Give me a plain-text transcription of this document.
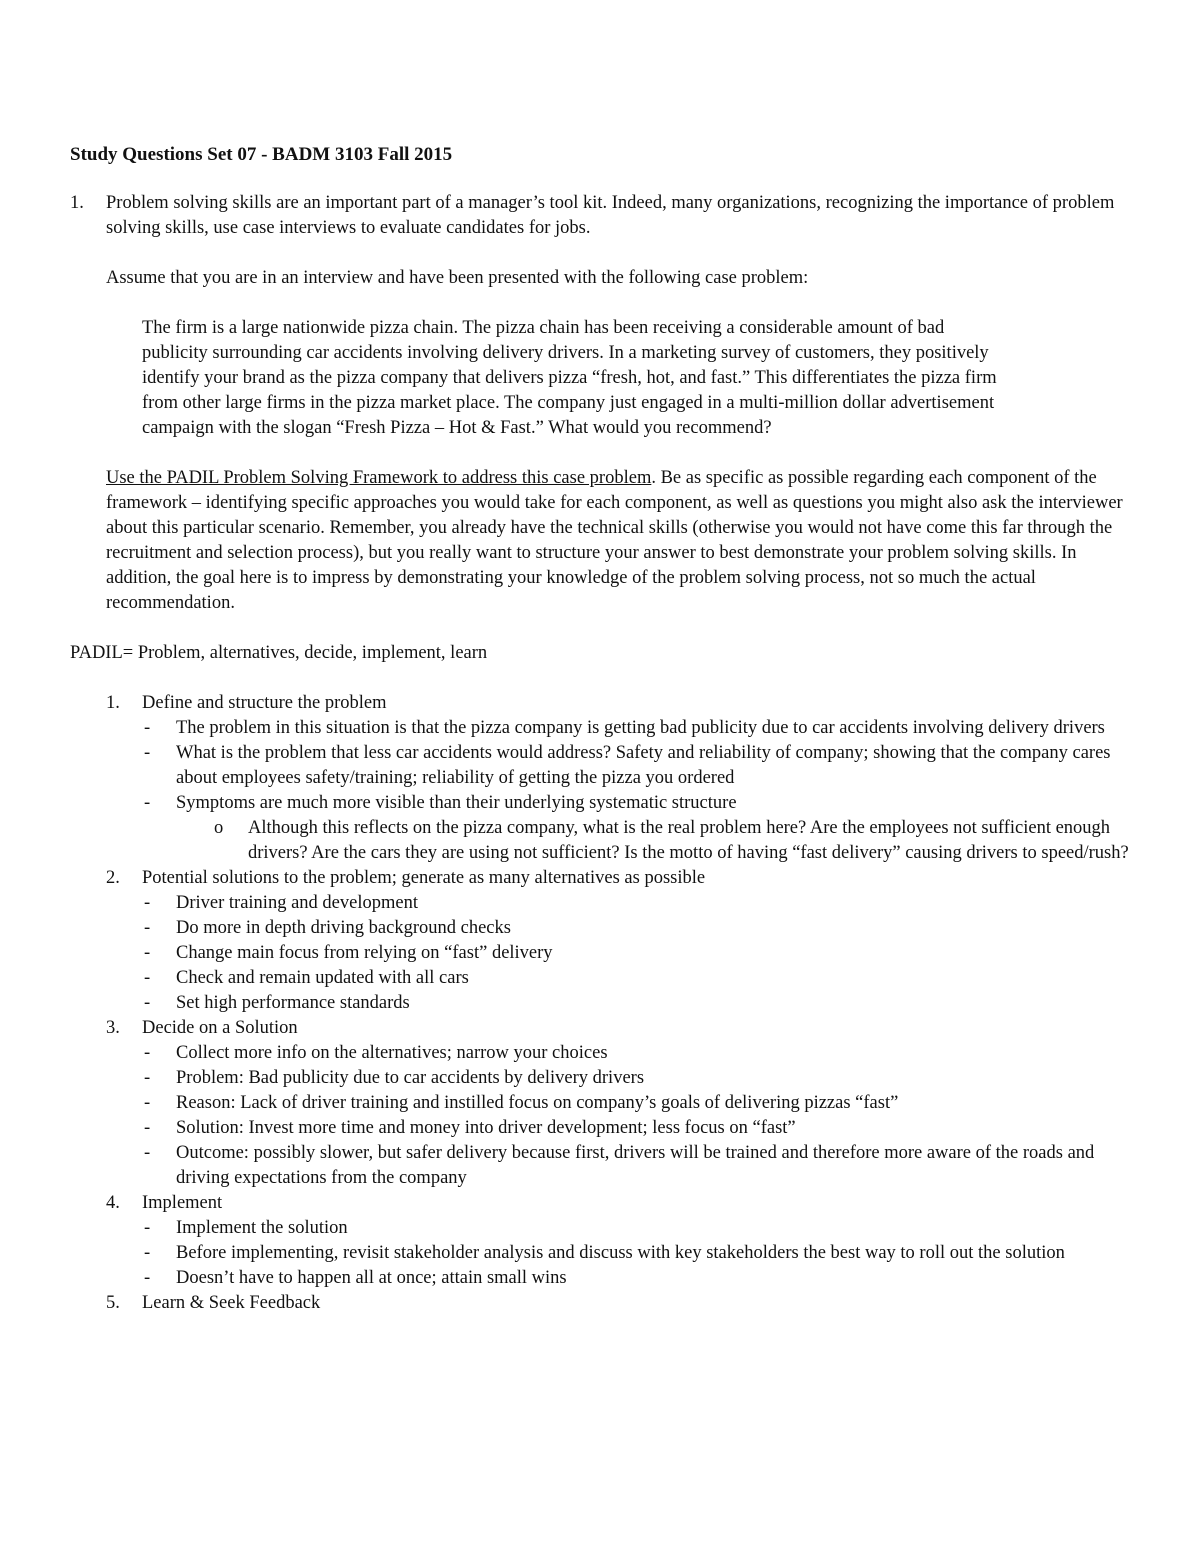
Study Questions Set 07 - BADM 3103 Fall 2015
1. Problem solving skills are an important part of a manager’s tool kit. Indeed, many organizations, recognizing the importance of problem solving skills, use case interviews to evaluate candidates for jobs.

Assume that you are in an interview and have been presented with the following case problem:

The firm is a large nationwide pizza chain. The pizza chain has been receiving a considerable amount of bad publicity surrounding car accidents involving delivery drivers. In a marketing survey of customers, they positively identify your brand as the pizza company that delivers pizza “fresh, hot, and fast.” This differentiates the pizza firm from other large firms in the pizza market place. The company just engaged in a multi-million dollar advertisement campaign with the slogan “Fresh Pizza – Hot & Fast.” What would you recommend?

Use the PADIL Problem Solving Framework to address this case problem. Be as specific as possible regarding each component of the framework – identifying specific approaches you would take for each component, as well as questions you might also ask the interviewer about this particular scenario. Remember, you already have the technical skills (otherwise you would not have come this far through the recruitment and selection process), but you really want to structure your answer to best demonstrate your problem solving skills. In addition, the goal here is to impress by demonstrating your knowledge of the problem solving process, not so much the actual recommendation.

PADIL= Problem, alternatives, decide, implement, learn

1. Define and structure the problem
- The problem in this situation is that the pizza company is getting bad publicity due to car accidents involving delivery drivers
- What is the problem that less car accidents would address? Safety and reliability of company; showing that the company cares about employees safety/training; reliability of getting the pizza you ordered
- Symptoms are much more visible than their underlying systematic structure
o Although this reflects on the pizza company, what is the real problem here? Are the employees not sufficient enough drivers? Are the cars they are using not sufficient? Is the motto of having “fast delivery” causing drivers to speed/rush?
2. Potential solutions to the problem; generate as many alternatives as possible
- Driver training and development
- Do more in depth driving background checks
- Change main focus from relying on “fast” delivery
- Check and remain updated with all cars
- Set high performance standards
3. Decide on a Solution
- Collect more info on the alternatives; narrow your choices
- Problem: Bad publicity due to car accidents by delivery drivers
- Reason: Lack of driver training and instilled focus on company’s goals of delivering pizzas “fast”
- Solution: Invest more time and money into driver development; less focus on “fast”
- Outcome: possibly slower, but safer delivery because first, drivers will be trained and therefore more aware of the roads and driving expectations from the company
4. Implement
- Implement the solution
- Before implementing, revisit stakeholder analysis and discuss with key stakeholders the best way to roll out the solution
- Doesn’t have to happen all at once; attain small wins
5. Learn & Seek Feedback
